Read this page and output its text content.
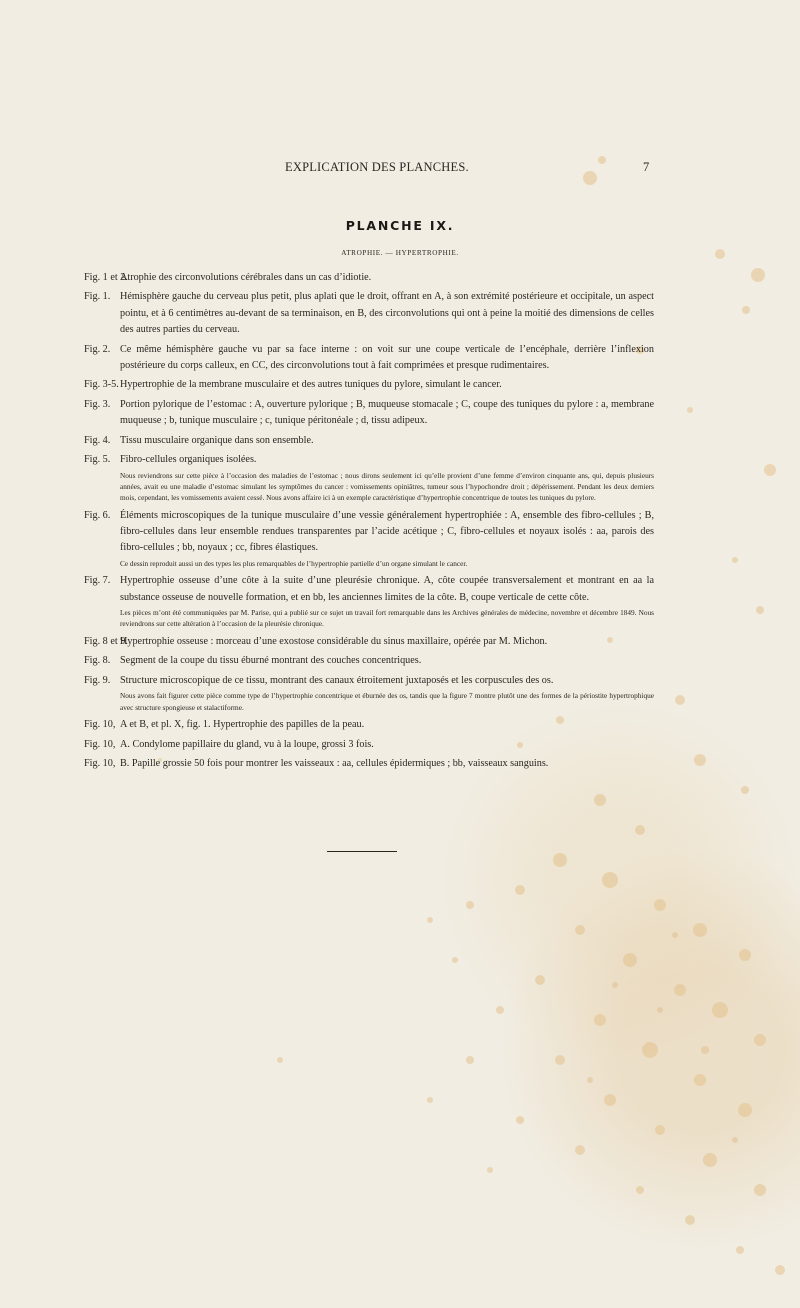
EXPLICATION DES PLANCHES.	7
PLANCHE IX.
ATROPHIE. — HYPERTROPHIE.
Fig. 1 et 2.
Atrophie des circonvolutions cérébrales dans un cas d’idiotie.
Fig. 1. Hémisphère gauche du cerveau plus petit, plus aplati que le droit, offrant en A, à son extrémité postérieure et occipitale, un aspect pointu, et à 6 centimètres au-devant de sa terminaison, en B, des circonvolutions qui ont à peine la moitié des dimensions de celles des autres parties du cerveau.
Fig. 2. Ce même hémisphère gauche vu par sa face interne : on voit sur une coupe verticale de l’encéphale, derrière l’inflexion postérieure du corps calleux, en CC, des circonvolutions tout à fait comprimées et presque rudimentaires.
Fig. 3-5. Hypertrophie de la membrane musculaire et des autres tuniques du pylore, simulant le cancer.
Fig. 3. Portion pylorique de l’estomac : A, ouverture pylorique ; B, muqueuse stomacale ; C, coupe des tuniques du pylore : a, membrane muqueuse ; b, tunique musculaire ; c, tunique péritonéale ; d, tissu adipeux.
Fig. 4. Tissu musculaire organique dans son ensemble.
Fig. 5. Fibro-cellules organiques isolées.
Nous reviendrons sur cette pièce à l’occasion des maladies de l’estomac ; nous dirons seulement ici qu’elle provient d’une femme d’environ cinquante ans, qui, depuis plusieurs années, avait eu une maladie d’estomac simulant les symptômes du cancer : vomissements opiniâtres, tumeur sous l’hypochondre droit ; dépérissement. Pendant les deux derniers mois, cependant, les vomissements avaient cessé. Nous avons affaire ici à un exemple caractéristique d’hypertrophie concentrique de toutes les tuniques du pylore.
Fig. 6. Éléments microscopiques de la tunique musculaire d’une vessie généralement hypertrophiée : A, ensemble des fibro-cellules ; B, fibro-cellules dans leur ensemble rendues transparentes par l’acide acétique ; C, fibro-cellules et noyaux isolés : aa, parois des fibro-cellules ; bb, noyaux ; cc, fibres élastiques.
Ce dessin reproduit aussi un des types les plus remarquables de l’hypertrophie partielle d’un organe simulant le cancer.
Fig. 7. Hypertrophie osseuse d’une côte à la suite d’une pleurésie chronique. A, côte coupée transversalement et montrant en aa la substance osseuse de nouvelle formation, et en bb, les anciennes limites de la côte. B, coupe verticale de cette côte.
Les pièces m’ont été communiquées par M. Parise, qui a publié sur ce sujet un travail fort remarquable dans les Archives générales de médecine, novembre et décembre 1849. Nous reviendrons sur cette altération à l’occasion de la pleurésie chronique.
Fig. 8 et 9.
Hypertrophie osseuse : morceau d’une exostose considérable du sinus maxillaire, opérée par M. Michon.
Fig. 8. Segment de la coupe du tissu éburné montrant des couches concentriques.
Fig. 9. Structure microscopique de ce tissu, montrant des canaux étroitement juxtaposés et les corpuscules des os.
Nous avons fait figurer cette pièce comme type de l’hypertrophie concentrique et éburnée des os, tandis que la figure 7 montre plutôt une des formes de la périostite hypertrophique avec structure spongieuse et stalactiforme.
Fig. 10, A et B, et pl. X, fig. 1. Hypertrophie des papilles de la peau.
Fig. 10, A. Condylome papillaire du gland, vu à la loupe, grossi 3 fois.
Fig. 10, B. Papille grossie 50 fois pour montrer les vaisseaux : aa, cellules épidermiques ; bb, vaisseaux sanguins.
